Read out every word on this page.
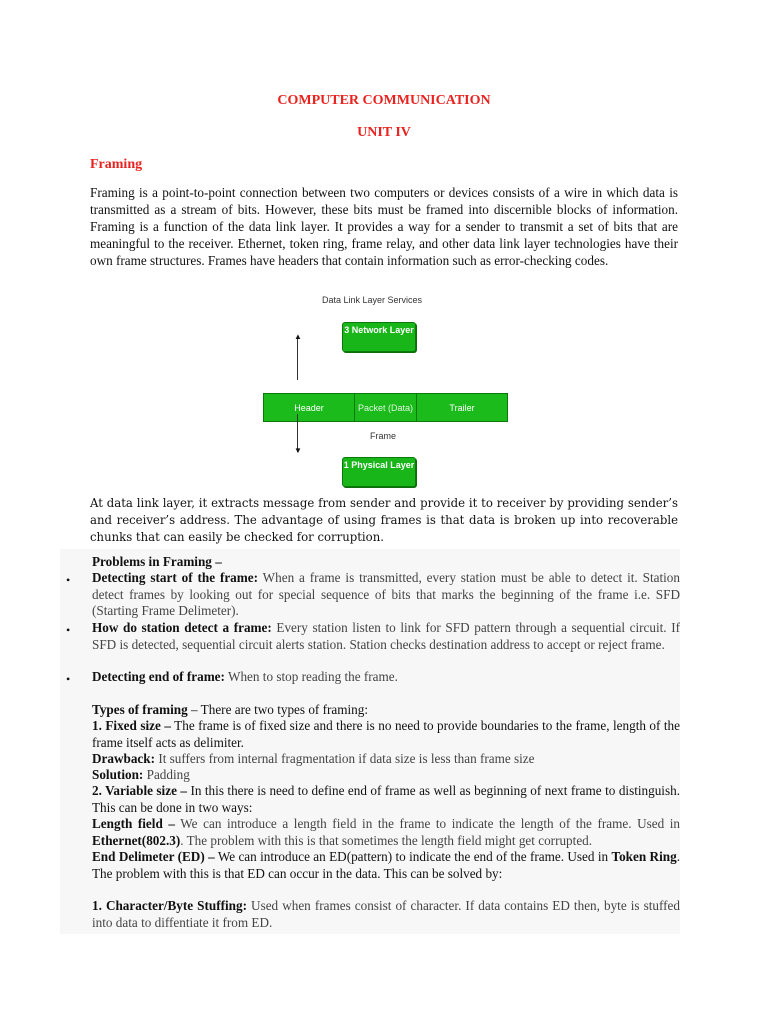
COMPUTER COMMUNICATION
UNIT IV
Framing
Framing is a point-to-point connection between two computers or devices consists of a wire in which data is transmitted as a stream of bits. However, these bits must be framed into discernible blocks of information. Framing is a function of the data link layer. It provides a way for a sender to transmit a set of bits that are meaningful to the receiver. Ethernet, token ring, frame relay, and other data link layer technologies have their own frame structures. Frames have headers that contain information such as error-checking codes.
Data Link Layer Services
3 Network Layer
▲
Header	Packet (Data)	Trailer
Frame
▼
1 Physical Layer
At data link layer, it extracts message from sender and provide it to receiver by providing sender’s and receiver’s address. The advantage of using frames is that data is broken up into recoverable chunks that can easily be checked for corruption.
Problems in Framing –
• Detecting start of the frame: When a frame is transmitted, every station must be able to detect it. Station detect frames by looking out for special sequence of bits that marks the beginning of the frame i.e. SFD (Starting Frame Delimeter).
• How do station detect a frame: Every station listen to link for SFD pattern through a sequential circuit. If SFD is detected, sequential circuit alerts station. Station checks destination address to accept or reject frame.
• Detecting end of frame: When to stop reading the frame.
Types of framing – There are two types of framing:
1. Fixed size – The frame is of fixed size and there is no need to provide boundaries to the frame, length of the frame itself acts as delimiter.
Drawback: It suffers from internal fragmentation if data size is less than frame size
Solution: Padding
2. Variable size – In this there is need to define end of frame as well as beginning of next frame to distinguish. This can be done in two ways:
Length field – We can introduce a length field in the frame to indicate the length of the frame. Used in Ethernet(802.3). The problem with this is that sometimes the length field might get corrupted.
End Delimeter (ED) – We can introduce an ED(pattern) to indicate the end of the frame. Used in Token Ring. The problem with this is that ED can occur in the data. This can be solved by:
1. Character/Byte Stuffing: Used when frames consist of character. If data contains ED then, byte is stuffed into data to diffentiate it from ED.
